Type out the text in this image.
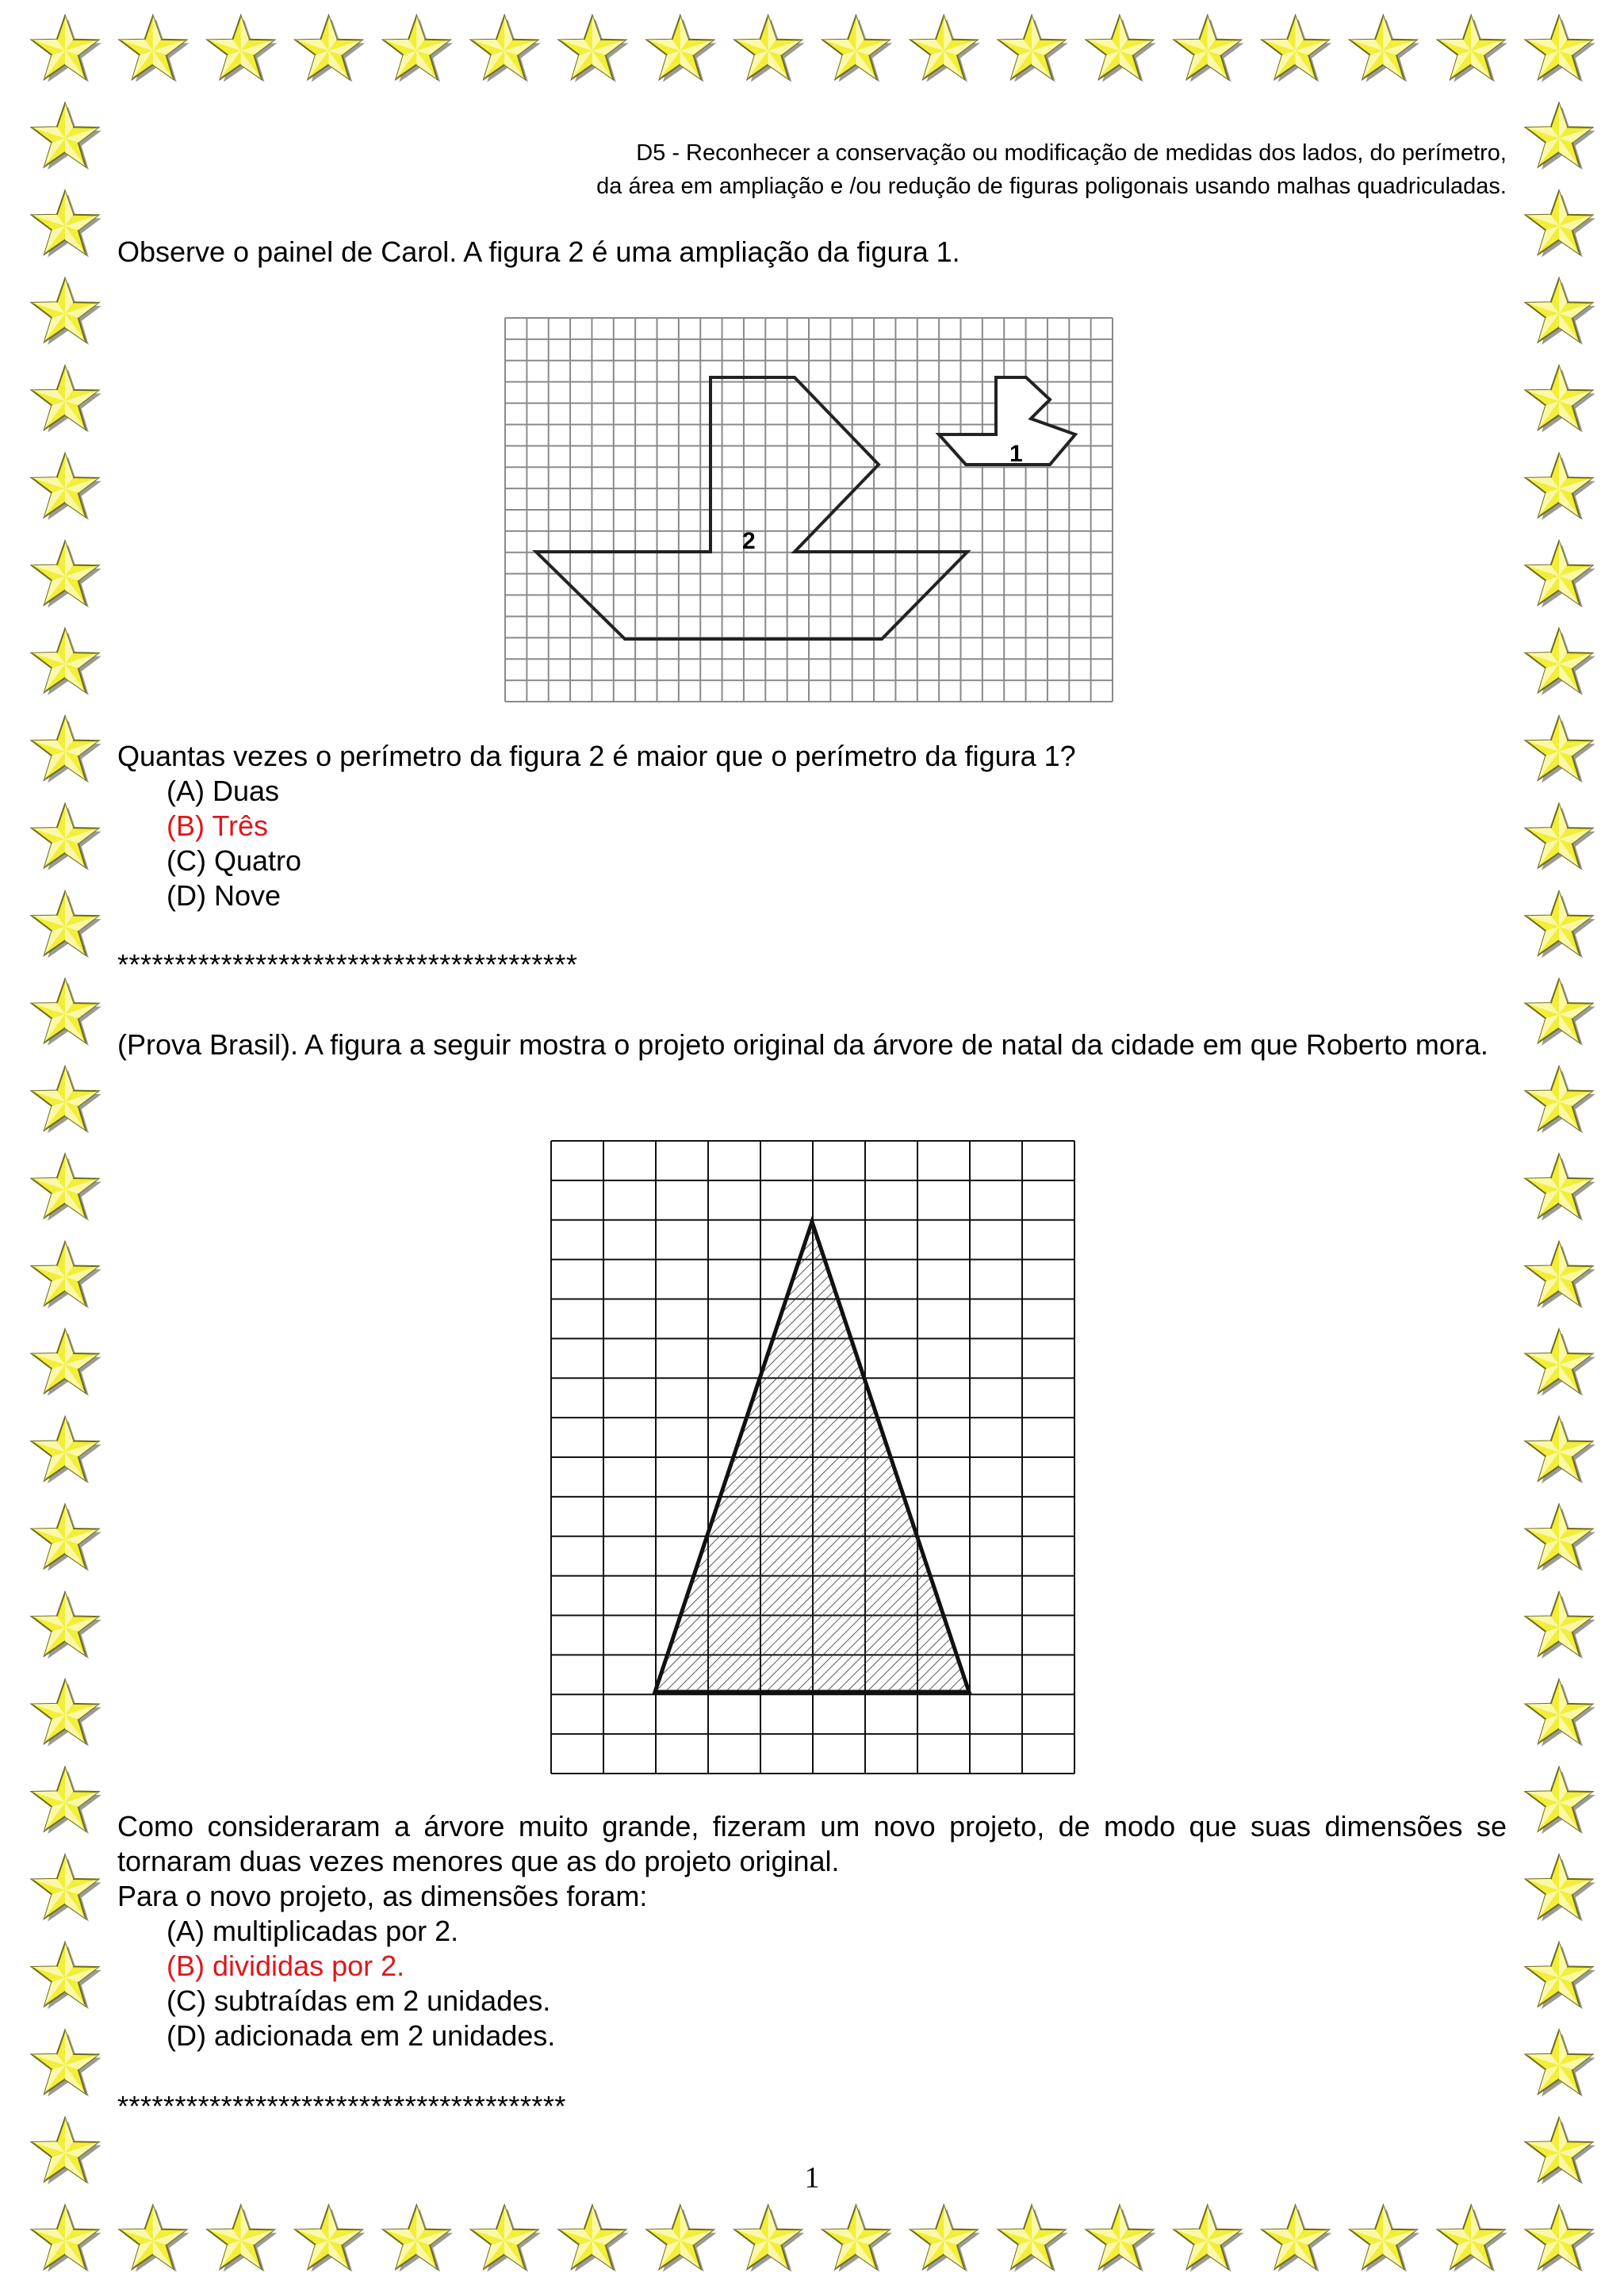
D5 - Reconhecer a conservação ou modificação de medidas dos lados, do perímetro,
da área em ampliação e /ou redução de figuras poligonais usando malhas quadriculadas.
Observe o painel de Carol. A figura 2 é uma ampliação da figura 1.
1
2
Quantas vezes o perímetro da figura 2 é maior que o perímetro da figura 1?
(A) Duas
(B) Três
(C) Quatro
(D) Nove
****************************************
(Prova Brasil). A figura a seguir mostra o projeto original da árvore de natal da cidade em que Roberto mora.
Como consideraram a árvore muito grande, fizeram um novo projeto, de modo que suas dimensões se tornaram duas vezes menores que as do projeto original.
Para o novo projeto, as dimensões foram:
(A) multiplicadas por 2.
(B) divididas por 2.
(C) subtraídas em 2 unidades.
(D) adicionada em 2 unidades.
***************************************
1
